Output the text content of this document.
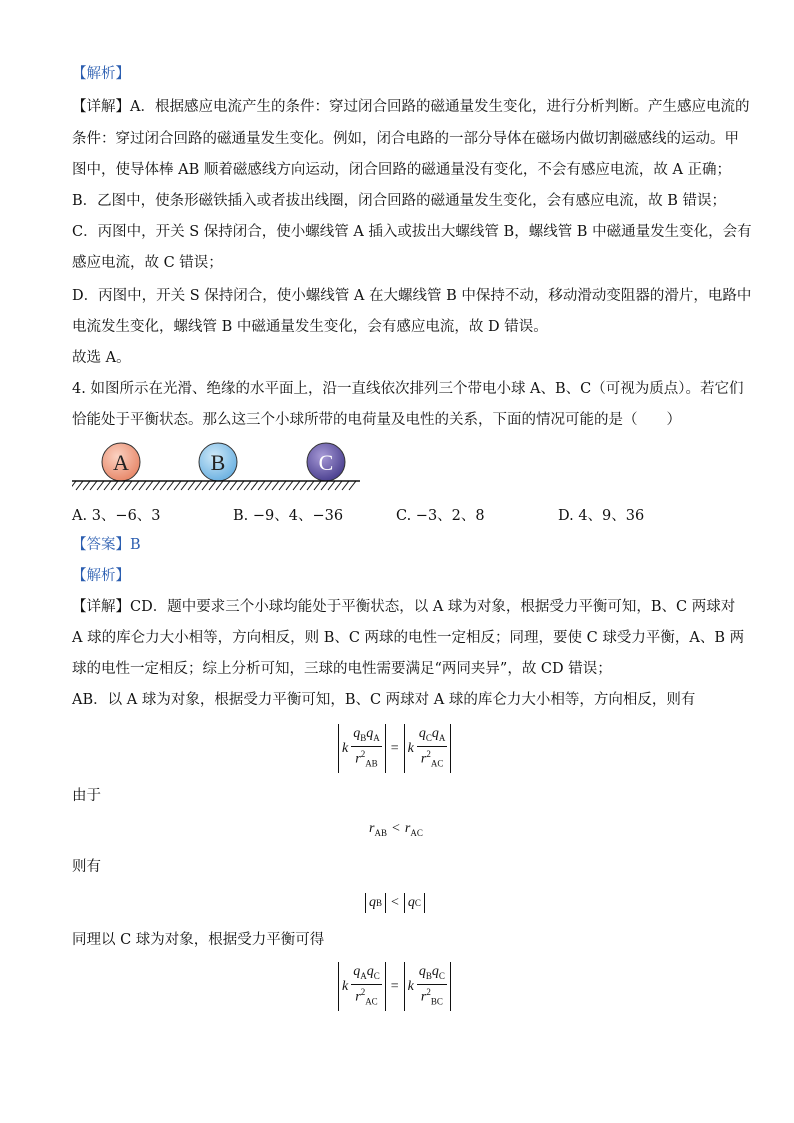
【解析】
【详解】A．根据感应电流产生的条件：穿过闭合回路的磁通量发生变化，进行分析判断。产生感应电流的
条件：穿过闭合回路的磁通量发生变化。例如，闭合电路的一部分导体在磁场内做切割磁感线的运动。甲
图中，使导体棒 AB 顺着磁感线方向运动，闭合回路的磁通量没有变化，不会有感应电流，故 A 正确；
B．乙图中，使条形磁铁插入或者拔出线圈，闭合回路的磁通量发生变化，会有感应电流，故 B 错误；
C．丙图中，开关 S 保持闭合，使小螺线管 A 插入或拔出大螺线管 B，螺线管 B 中磁通量发生变化，会有
感应电流，故 C 错误；
D．丙图中，开关 S 保持闭合，使小螺线管 A 在大螺线管 B 中保持不动，移动滑动变阻器的滑片，电路中
电流发生变化，螺线管 B 中磁通量发生变化，会有感应电流，故 D 错误。
故选 A。
4. 如图所示在光滑、绝缘的水平面上，沿一直线依次排列三个带电小球 A、B、C（可视为质点）。若它们
恰能处于平衡状态。那么这三个小球所带的电荷量及电性的关系，下面的情况可能的是（　　）
A	B	C
A. 3、−6、3	B. −9、4、−36	C. −3、2、8	D. 4、9、36
【答案】B
【解析】
【详解】CD．题中要求三个小球均能处于平衡状态，以 A 球为对象，根据受力平衡可知，B、C 两球对
A 球的库仑力大小相等，方向相反，则 B、C 两球的电性一定相反；同理，要使 C 球受力平衡，A、B 两
球的电性一定相反；综上分析可知，三球的电性需要满足“两同夹异”，故 CD 错误；
AB．以 A 球为对象，根据受力平衡可知，B、C 两球对 A 球的库仑力大小相等，方向相反，则有
k $\frac{q_Bq_A}{r^2_{AB}} = k \frac{q_Cq_A}{r^2_{AC}}$
由于
$r_{AB} < r_{AC}$
则有
q B < q C
同理以 C 球为对象，根据受力平衡可得
k $\frac{q_Aq_C}{r^2_{AC}} = k \frac{q_Bq_C}{r^2_{BC}}$
